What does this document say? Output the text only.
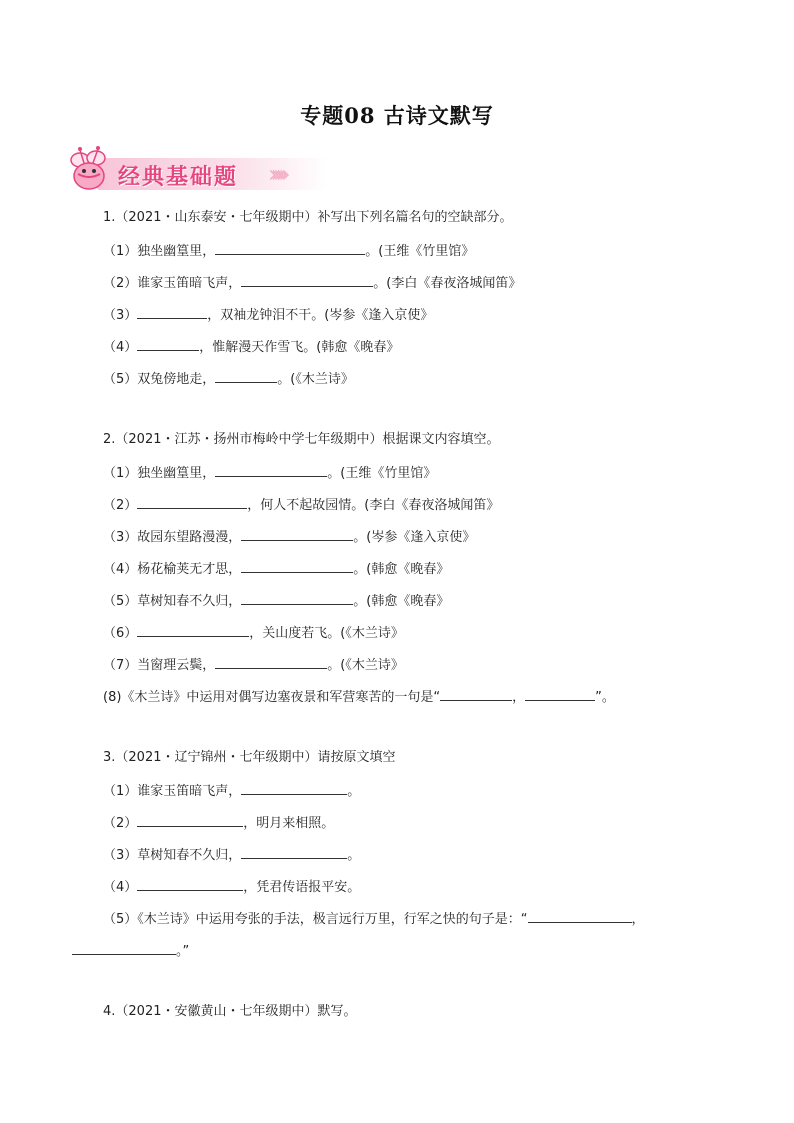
专题08 古诗文默写
经典基础题 ››››››
1.（2021・山东泰安・七年级期中）补写出下列名篇名句的空缺部分。
（1）独坐幽篁里，	。(王维《竹里馆》
（2）谁家玉笛暗飞声，	。(李白《春夜洛城闻笛》
（3）	，双袖龙钟泪不干。(岑参《逢入京使》
（4）	，惟解漫天作雪飞。(韩愈《晚春》
（5）双兔傍地走，	。(《木兰诗》
2.（2021・江苏・扬州市梅岭中学七年级期中）根据课文内容填空。
（1）独坐幽篁里，	。(王维《竹里馆》
（2）	，何人不起故园情。(李白《春夜洛城闻笛》
（3）故园东望路漫漫，	。(岑参《逢入京使》
（4）杨花榆荚无才思，	。(韩愈《晚春》
（5）草树知春不久归，	。(韩愈《晚春》
（6）	，关山度若飞。(《木兰诗》
（7）当窗理云鬓，	。(《木兰诗》
(8)《木兰诗》中运用对偶写边塞夜景和军营寒苦的一句是“	，	”。
3.（2021・辽宁锦州・七年级期中）请按原文填空
（1）谁家玉笛暗飞声，	。
（2）	，明月来相照。
（3）草树知春不久归，	。
（4）	，凭君传语报平安。
（5）《木兰诗》中运用夸张的手法，极言远行万里，行军之快的句子是：“	，
。”
4.（2021・安徽黄山・七年级期中）默写。
